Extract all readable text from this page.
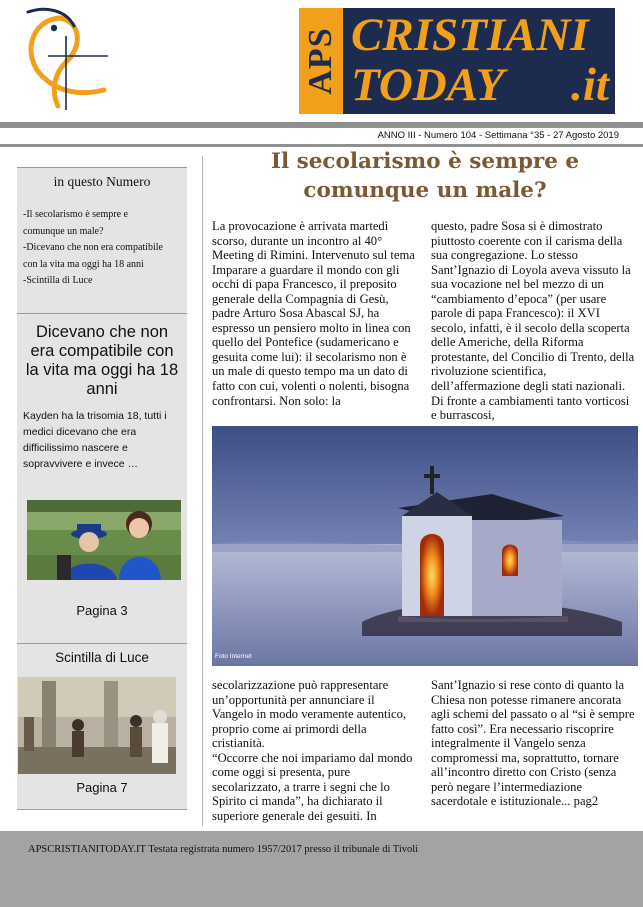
APS CRISTIANI
TODAY .it
ANNO III - Numero 104 - Settimana °35 - 27 Agosto 2019
in questo Numero
-Il secolarismo è sempre e
comunque un male?
-Dicevano che non era compatibile
con la vita ma oggi ha 18 anni
-Scintilla di Luce
Dicevano che non era compatibile con la vita ma oggi ha 18 anni
Kayden ha la trisomia 18, tutti i medici dicevano che era difficilissimo nascere e sopravvivere e invece …
Pagina 3
Scintilla di Luce
Pagina 7
Il secolarismo è sempre e comunque un male?
La provocazione è arrivata martedì scorso, durante un incontro al 40° Meeting di Rimini. Intervenuto sul tema Imparare a guardare il mondo con gli occhi di papa Francesco, il preposito generale della Compagnia di Gesù, padre Arturo Sosa Abascal SJ, ha espresso un pensiero molto in linea con quello del Pontefice (sudamericano e gesuita come lui): il secolarismo non è un male di questo tempo ma un dato di fatto con cui, volenti o nolenti, bisogna confrontarsi. Non solo: la
questo, padre Sosa si è dimostrato piuttosto coerente con il carisma della sua congregazione. Lo stesso Sant’Ignazio di Loyola aveva vissuto la sua vocazione nel bel mezzo di un “cambiamento d’epoca” (per usare parole di papa Francesco): il XVI secolo, infatti, è il secolo della scoperta delle Americhe, della Riforma protestante, del Concilio di Trento, della rivoluzione scientifica, dell’affermazione degli stati nazionali. Di fronte a cambiamenti tanto vorticosi e burrascosi,
Foto Internet
secolarizzazione può rappresentare un’opportunità per annunciare il Vangelo in modo veramente autentico, proprio come ai primordi della cristianità.
“Occorre che noi impariamo dal mondo come oggi si presenta, pure secolarizzato, a trarre i segni che lo Spirito ci manda”, ha dichiarato il superiore generale dei gesuiti. In
Sant’Ignazio si rese conto di quanto la Chiesa non potesse rimanere ancorata agli schemi del passato o al “si è sempre fatto così”. Era necessario riscoprire integralmente il Vangelo senza compromessi ma, soprattutto, tornare all’incontro diretto con Cristo (senza però negare l’intermediazione sacerdotale e istituzionale... pag2
APSCRISTIANITODAY.IT Testata registrata numero 1957/2017 presso il tribunale di Tivoli
